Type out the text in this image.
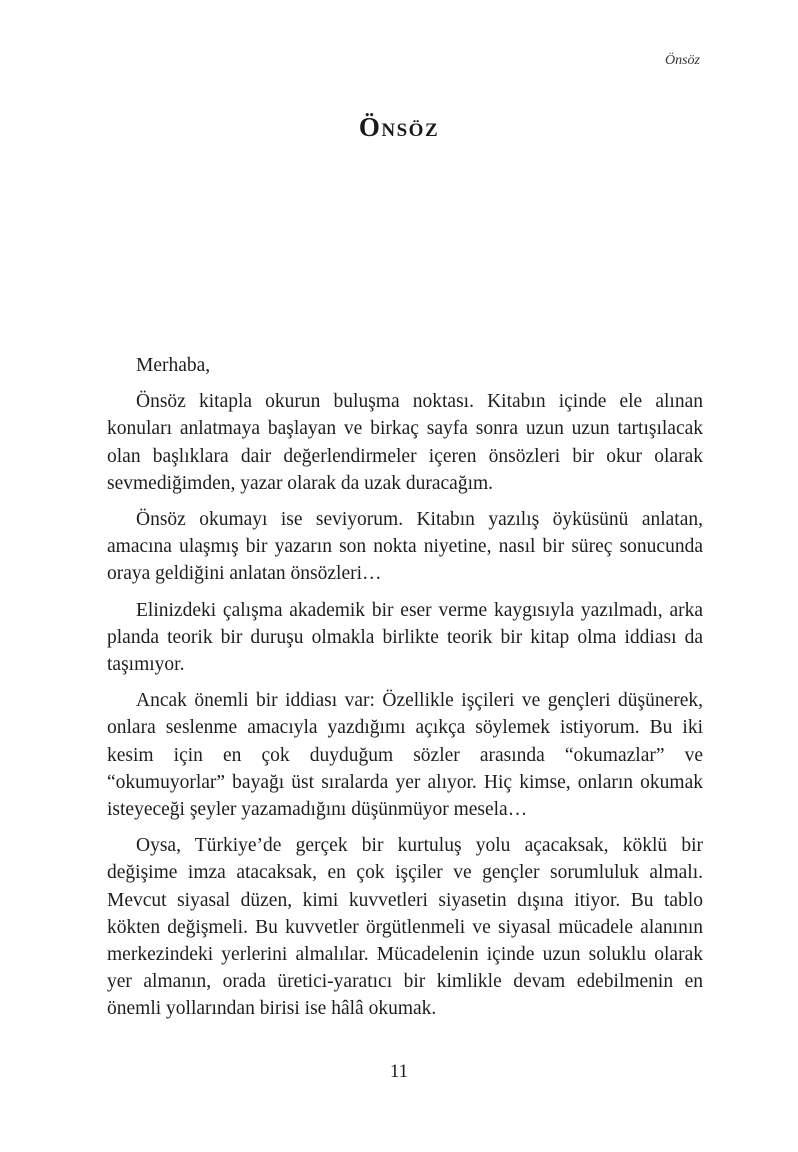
Önsöz
Önsöz

Merhaba,

Önsöz kitapla okurun buluşma noktası. Kitabın içinde ele alınan konuları anlatmaya başlayan ve birkaç sayfa sonra uzun uzun tartışılacak olan başlıklara dair değerlendirmeler içeren önsözleri bir okur olarak sevmediğimden, yazar olarak da uzak duracağım.

Önsöz okumayı ise seviyorum. Kitabın yazılış öyküsünü anlatan, amacına ulaşmış bir yazarın son nokta niyetine, nasıl bir süreç sonucunda oraya geldiğini anlatan önsözleri…

Elinizdeki çalışma akademik bir eser verme kaygısıyla yazılmadı, arka planda teorik bir duruşu olmakla birlikte teorik bir kitap olma iddiası da taşımıyor.

Ancak önemli bir iddiası var: Özellikle işçileri ve gençleri düşünerek, onlara seslenme amacıyla yazdığımı açıkça söylemek istiyorum. Bu iki kesim için en çok duyduğum sözler arasında “okumazlar” ve “okumuyorlar” bayağı üst sıralarda yer alıyor. Hiç kimse, onların okumak isteyeceği şeyler yazamadığını düşünmüyor mesela…

Oysa, Türkiye’de gerçek bir kurtuluş yolu açacaksak, köklü bir değişime imza atacaksak, en çok işçiler ve gençler sorumluluk almalı. Mevcut siyasal düzen, kimi kuvvetleri siyasetin dışına itiyor. Bu tablo kökten değişmeli. Bu kuvvetler örgütlenmeli ve siyasal mücadele alanının merkezindeki yerlerini almalılar. Mücadelenin içinde uzun soluklu olarak yer almanın, orada üretici-yaratıcı bir kimlikle devam edebilmenin en önemli yollarından birisi ise hâlâ okumak.

11
